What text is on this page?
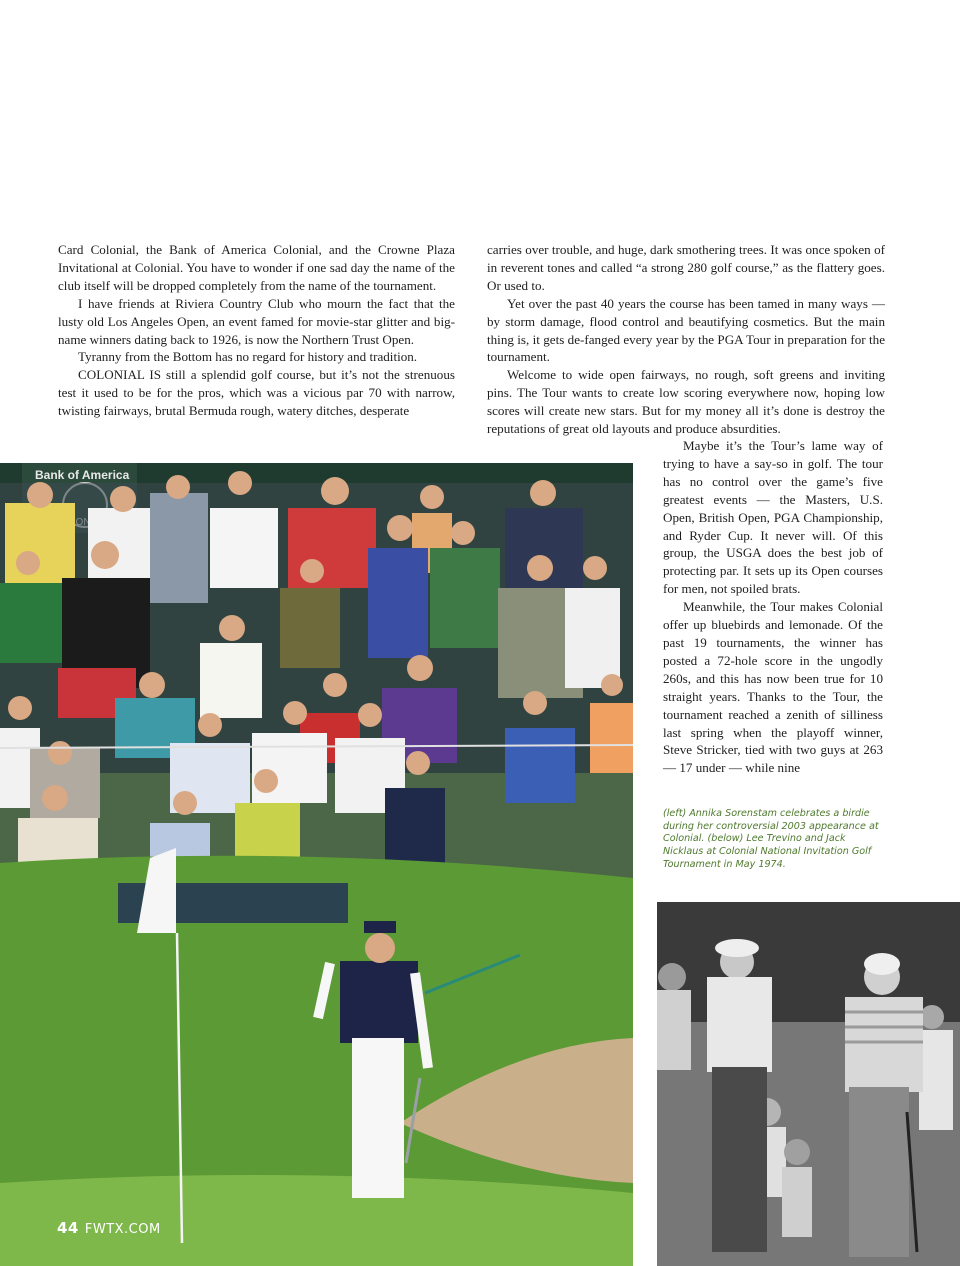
Card Colonial, the Bank of America Colonial, and the Crowne Plaza Invitational at Colonial. You have to wonder if one sad day the name of the club itself will be dropped completely from the name of the tournament.

I have friends at Riviera Country Club who mourn the fact that the lusty old Los Angeles Open, an event famed for movie-star glitter and big-name winners dating back to 1926, is now the Northern Trust Open.

Tyranny from the Bottom has no regard for history and tradition.

COLONIAL IS still a splendid golf course, but it’s not the strenuous test it used to be for the pros, which was a vicious par 70 with narrow, twisting fairways, brutal Bermuda rough, watery ditches, desperate

carries over trouble, and huge, dark smothering trees. It was once spoken of in reverent tones and called “a strong 280 golf course,” as the flattery goes. Or used to.

Yet over the past 40 years the course has been tamed in many ways — by storm damage, flood control and beautifying cosmetics. But the main thing is, it gets de-fanged every year by the PGA Tour in preparation for the tournament.

Welcome to wide open fairways, no rough, soft greens and inviting pins. The Tour wants to create low scoring everywhere now, hoping low scores will create new stars. But for my money all it’s done is destroy the reputations of great old layouts and produce absurdities.

Maybe it’s the Tour’s lame way of trying to have a say-so in golf. The tour has no control over the game’s five greatest events — the Masters, U.S. Open, British Open, PGA Championship, and Ryder Cup. It never will. Of this group, the USGA does the best job of protecting par. It sets up its Open courses for men, not spoiled brats.

Meanwhile, the Tour makes Colonial offer up bluebirds and lemonade. Of the past 19 tournaments, the winner has posted a 72-hole score in the ungodly 260s, and this has now been true for 10 straight years. Thanks to the Tour, the tournament reached a zenith of silliness last spring when the playoff winner, Steve Stricker, tied with two guys at 263 — 17 under — while nine

Bank of America
(left) Annika Sorenstam celebrates a birdie during her controversial 2003 appearance at Colonial. (below) Lee Trevino and Jack Nicklaus at Colonial National Invitation Golf Tournament in May 1974.
44 FWTX.COM
